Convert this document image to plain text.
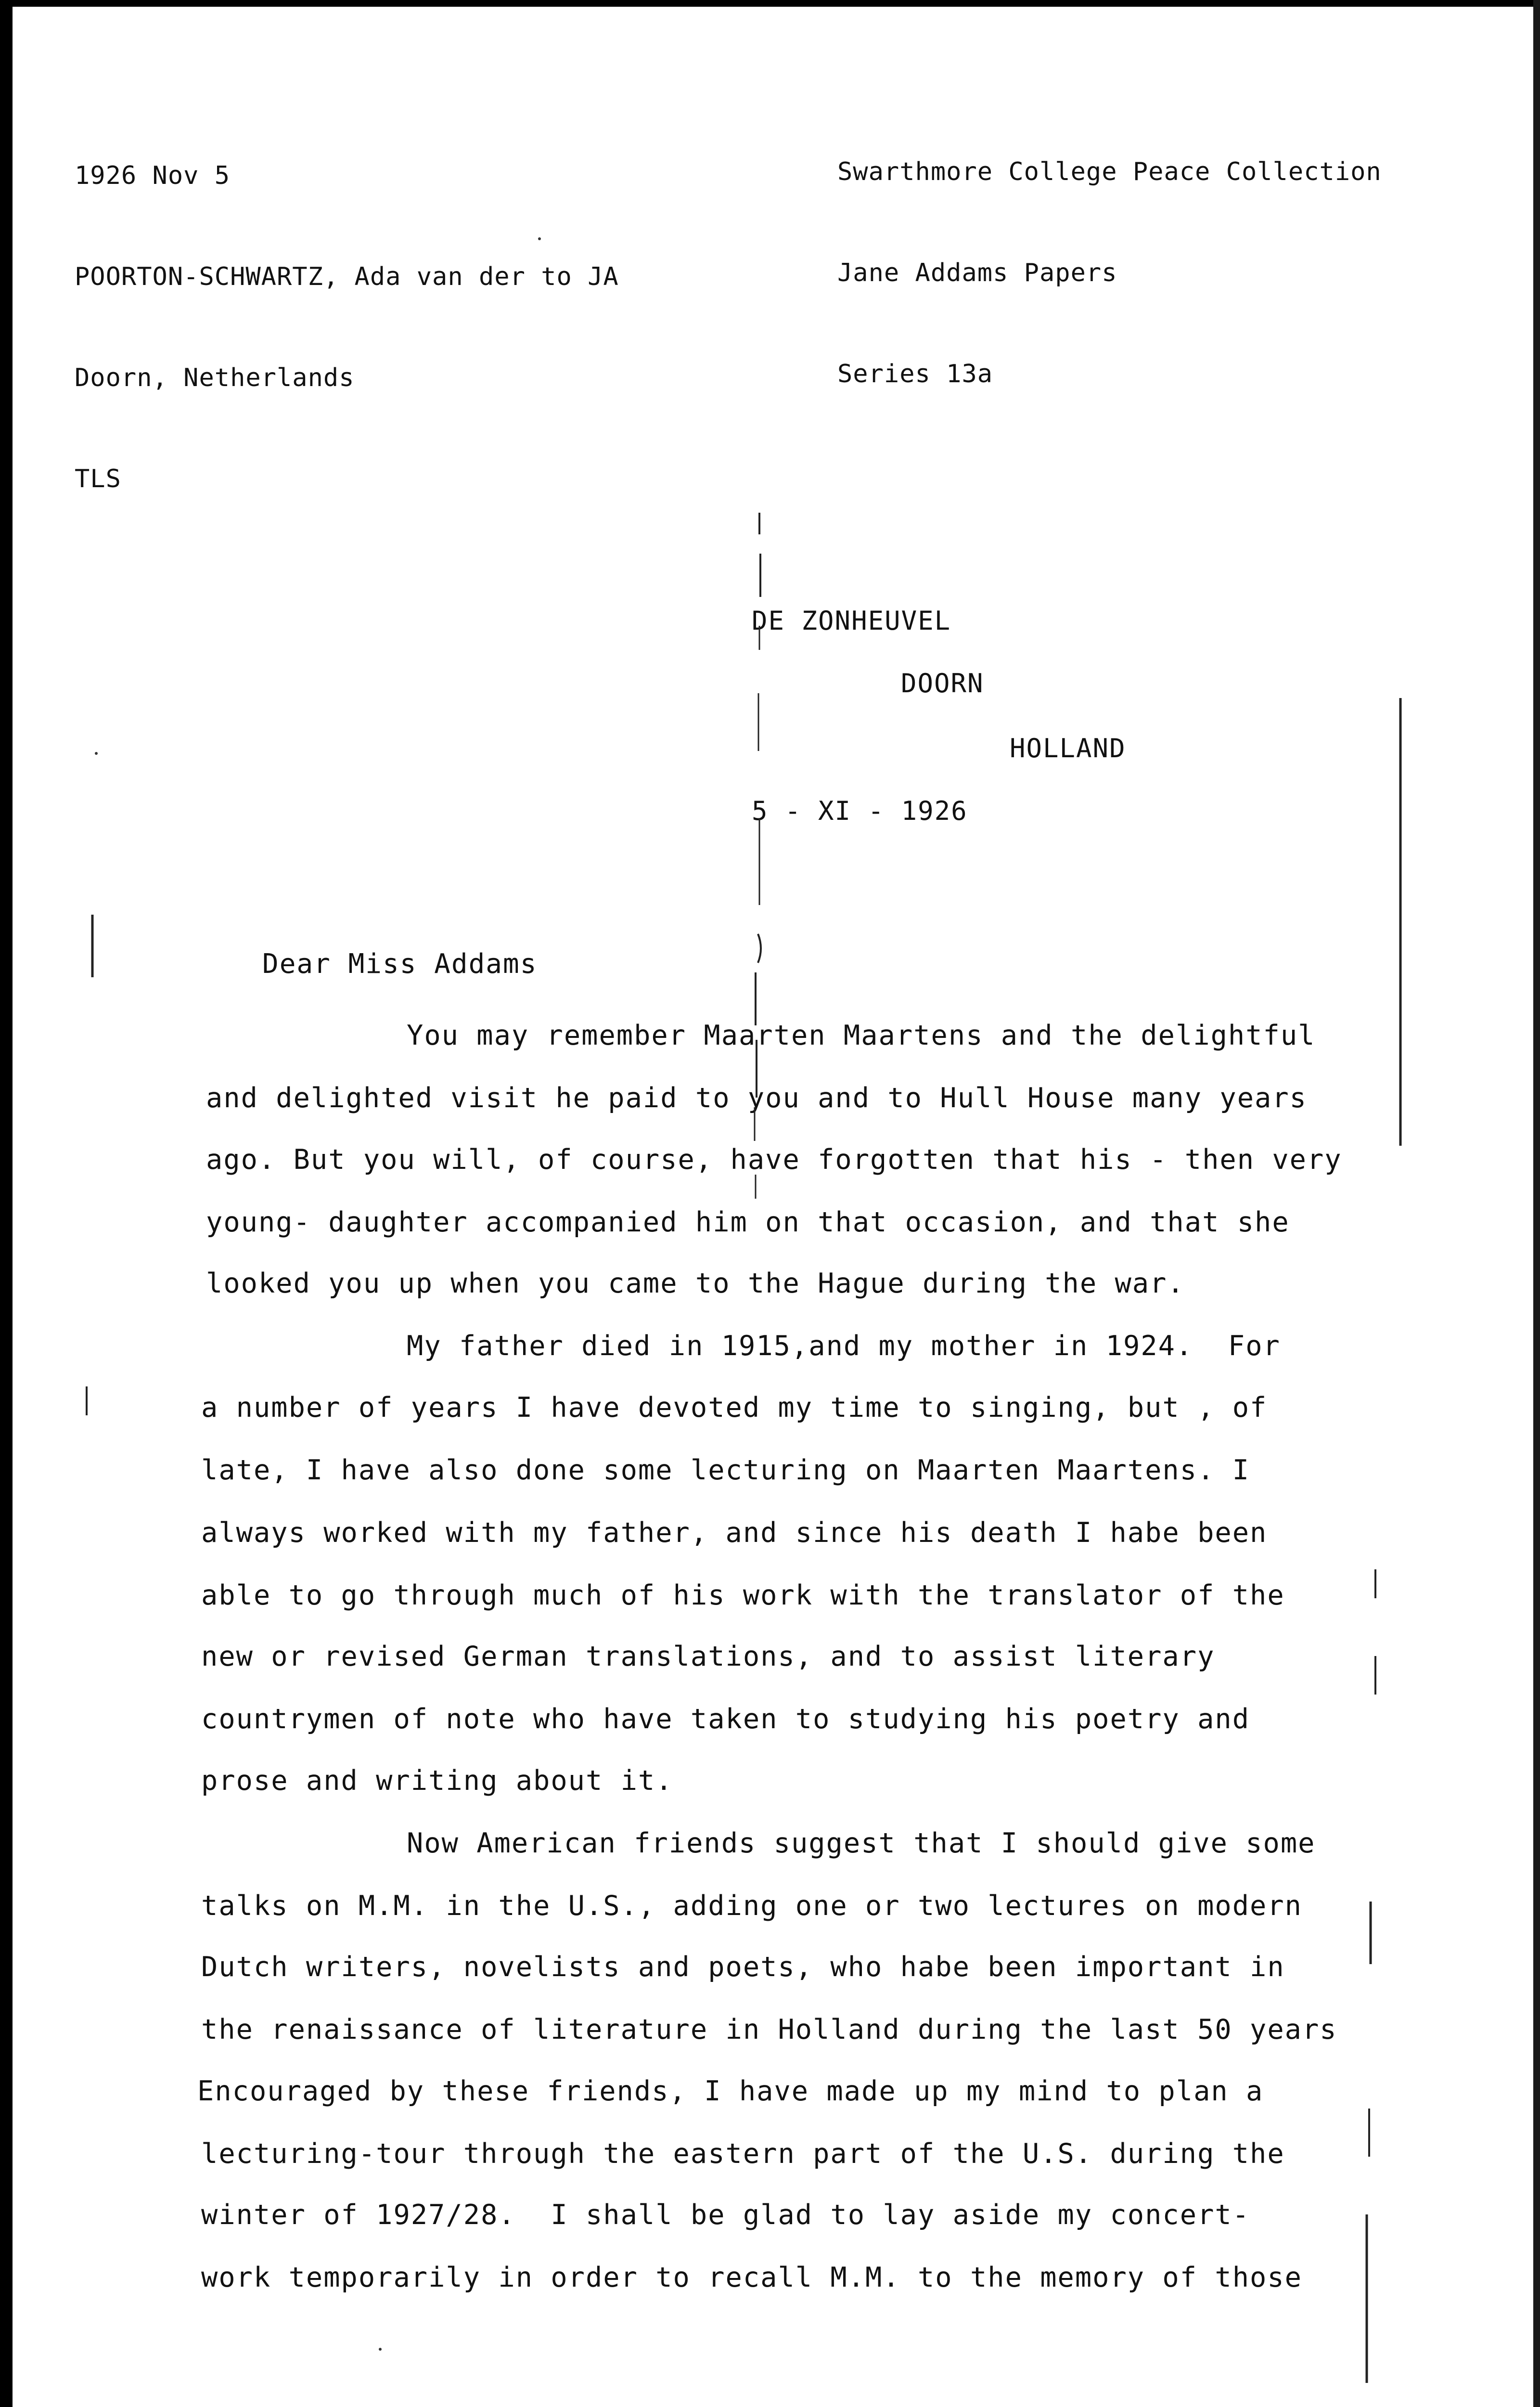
1926 Nov 5

POORTON-SCHWARTZ, Ada van der to JA

Doorn, Netherlands

TLS

Swarthmore College Peace Collection

Jane Addams Papers

Series 13a

DE ZONHEUVEL
DOORN
HOLLAND
5 - XI - 1926
Dear Miss Addams
You may remember Maarten Maartens and the delightful
and delighted visit he paid to you and to Hull House many years
ago. But you will, of course, have forgotten that his - then very
young- daughter accompanied him on that occasion, and that she
looked you up when you came to the Hague during the war.
My father died in 1915,and my mother in 1924.  For
a number of years I have devoted my time to singing, but , of
late, I have also done some lecturing on Maarten Maartens. I
always worked with my father, and since his death I habe been
able to go through much of his work with the translator of the
new or revised German translations, and to assist literary
countrymen of note who have taken to studying his poetry and
prose and writing about it.
Now American friends suggest that I should give some
talks on M.M. in the U.S., adding one or two lectures on modern
Dutch writers, novelists and poets, who habe been important in
the renaissance of literature in Holland during the last 50 years
Encouraged by these friends, I have made up my mind to plan a
lecturing-tour through the eastern part of the U.S. during the
winter of 1927/28.  I shall be glad to lay aside my concert-
work temporarily in order to recall M.M. to the memory of those
